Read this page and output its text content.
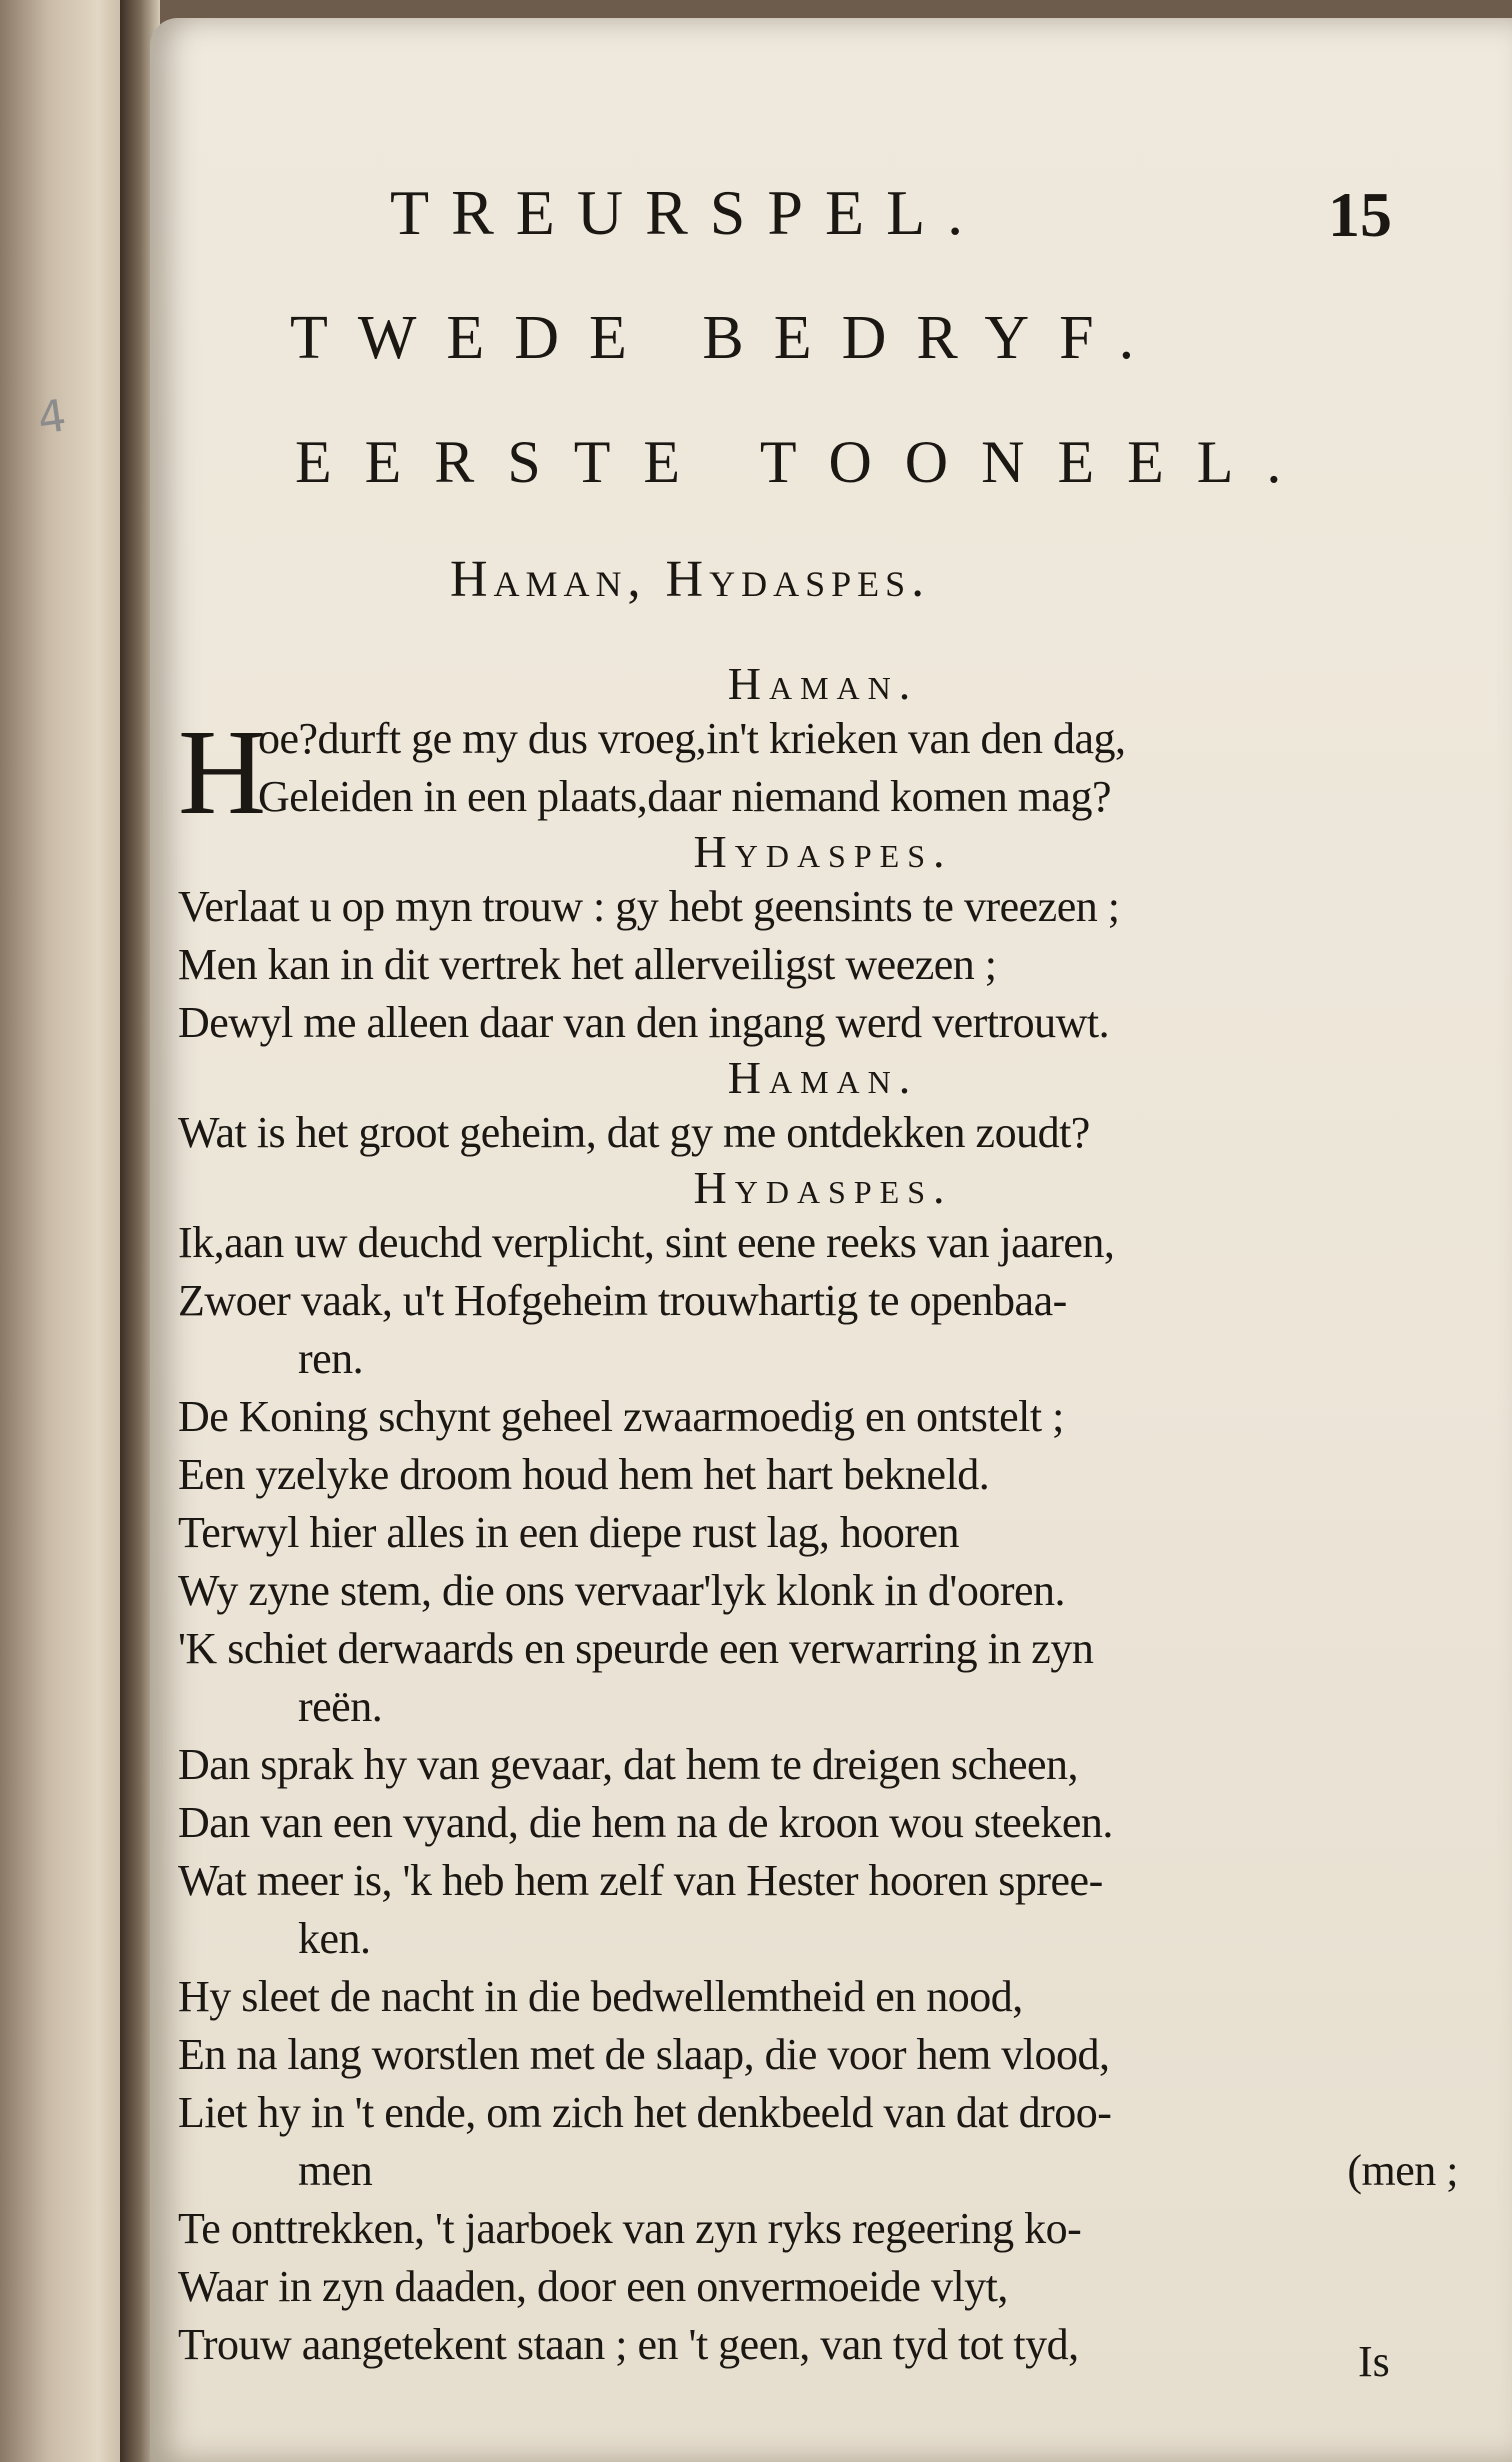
4
TREURSPEL.	15
TWEDE BEDRYF.
EERSTE TOONEEL.
Haman, Hydaspes.
Haman.
H
oe?durft ge my dus vroeg,in't krieken van den dag,
Geleiden in een plaats,daar niemand komen mag?
Hydaspes.
Verlaat u op myn trouw : gy hebt geensints te vreezen ;
Men kan in dit vertrek het allerveiligst weezen ;
Dewyl me alleen daar van den ingang werd vertrouwt.
Haman.
Wat is het groot geheim, dat gy me ontdekken zoudt?
Hydaspes.
Ik,aan uw deuchd verplicht, sint eene reeks van jaaren,
Zwoer vaak, u't Hofgeheim trouwhartig te openbaa-
ren.
De Koning schynt geheel zwaarmoedig en ontstelt ;
Een yzelyke droom houd hem het hart bekneld.
Terwyl hier alles in een diepe rust lag, hooren
Wy zyne stem, die ons vervaar'lyk klonk in d'ooren.
'K schiet derwaards en speurde een verwarring in zyn
reën.
Dan sprak hy van gevaar, dat hem te dreigen scheen,
Dan van een vyand, die hem na de kroon wou steeken.
Wat meer is, 'k heb hem zelf van Hester hooren spree-
ken.
Hy sleet de nacht in die bedwellemtheid en nood,
En na lang worstlen met de slaap, die voor hem vlood,
Liet hy in 't ende, om zich het denkbeeld van dat droo-
men	(men ;
Te onttrekken, 't jaarboek van zyn ryks regeering ko-
Waar in zyn daaden, door een onvermoeide vlyt,
Trouw aangetekent staan ; en 't geen, van tyd tot tyd,	Is
